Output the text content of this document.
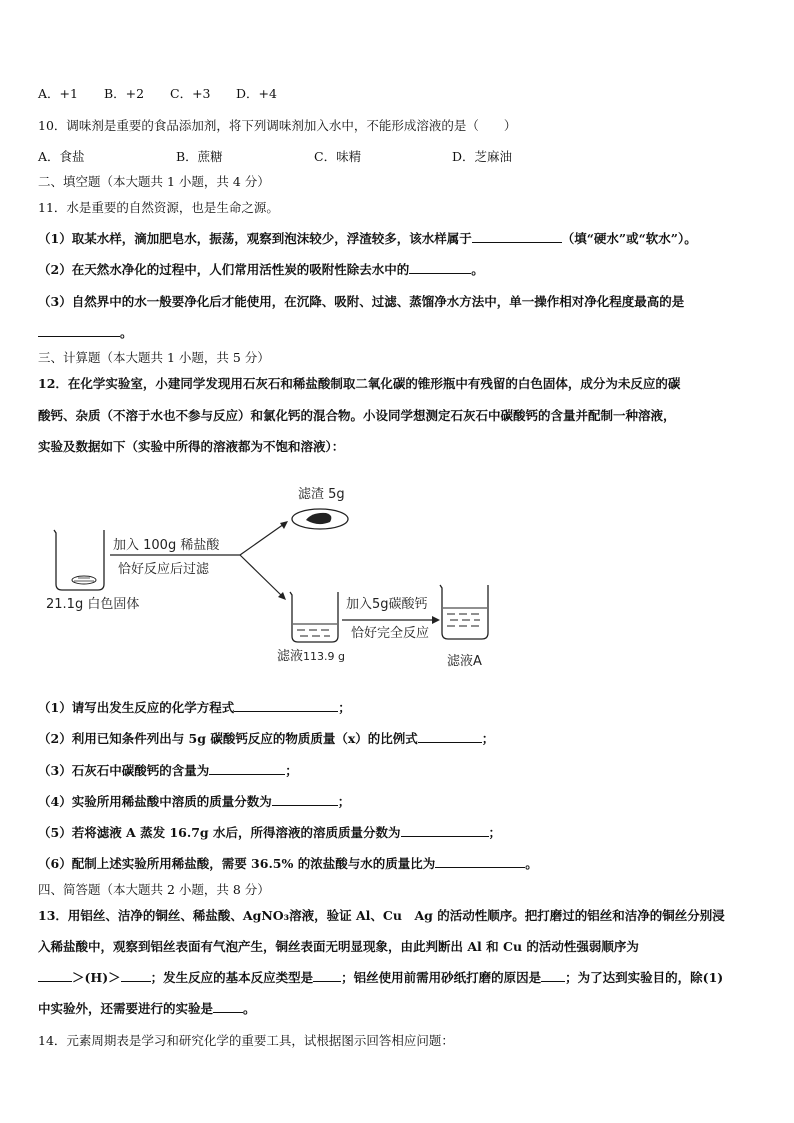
A．+1 B．+2 C．+3 D．+4
10．调味剂是重要的食品添加剂，将下列调味剂加入水中，不能形成溶液的是（　　）
A．食盐	B．蔗糖	C．味精	D．芝麻油
二、填空题（本大题共 1 小题，共 4 分）
11．水是重要的自然资源，也是生命之源。
（1）取某水样，滴加肥皂水，振荡，观察到泡沫较少，浮渣较多，该水样属于	（填“硬水”或“软水”）。
（2）在天然水净化的过程中，人们常用活性炭的吸附性除去水中的	。
（3）自然界中的水一般要净化后才能使用，在沉降、吸附、过滤、蒸馏净水方法中，单一操作相对净化程度最高的是
。
三、计算题（本大题共 1 小题，共 5 分）
12．在化学实验室，小建同学发现用石灰石和稀盐酸制取二氧化碳的锥形瓶中有残留的白色固体，成分为未反应的碳
酸钙、杂质（不溶于水也不参与反应）和氯化钙的混合物。小设同学想测定石灰石中碳酸钙的含量并配制一种溶液，
实验及数据如下（实验中所得的溶液都为不饱和溶液）：
21.1g 白色固体
加入 100g 稀盐酸
恰好反应后过滤
滤渣 5g
滤液113.9 g
加入5g碳酸钙
恰好完全反应
滤液A
（1）请写出发生反应的化学方程式	；
（2）利用已知条件列出与 5g 碳酸钙反应的物质质量（x）的比例式	；
（3）石灰石中碳酸钙的含量为	；
（4）实验所用稀盐酸中溶质的质量分数为	；
（5）若将滤液 A 蒸发 16.7g 水后，所得溶液的溶质质量分数为	；
（6）配制上述实验所用稀盐酸，需要 36.5% 的浓盐酸与水的质量比为	。
四、简答题（本大题共 2 小题，共 8 分）
13．用铝丝、洁净的铜丝、稀盐酸、AgNO₃溶液，验证 Al、Cu　Ag 的活动性顺序。把打磨过的铝丝和洁净的铜丝分别浸
入稀盐酸中，观察到铝丝表面有气泡产生，铜丝表面无明显现象，由此判断出 Al 和 Cu 的活动性强弱顺序为
＞(H)＞ ；发生反应的基本反应类型是 ；铝丝使用前需用砂纸打磨的原因是 ；为了达到实验目的，除(1)
中实验外，还需要进行的实验是 。
14．元素周期表是学习和研究化学的重要工具，试根据图示回答相应问题：
